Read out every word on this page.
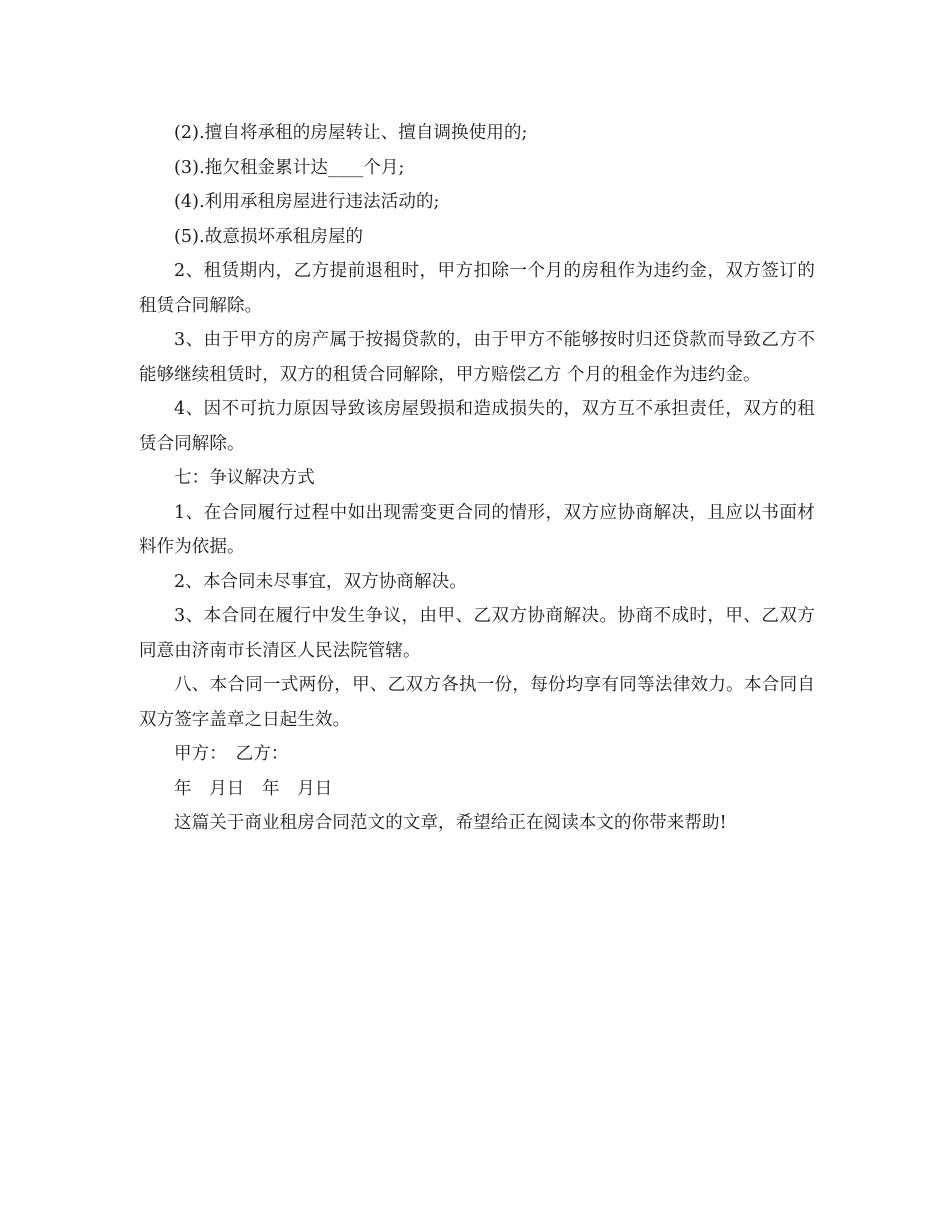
(2).擅自将承租的房屋转让、擅自调换使用的;

(3).拖欠租金累计达____个月;

(4).利用承租房屋进行违法活动的;

(5).故意损坏承租房屋的

2、租赁期内，乙方提前退租时，甲方扣除一个月的房租作为违约金，双方签订的租赁合同解除。

3、由于甲方的房产属于按揭贷款的，由于甲方不能够按时归还贷款而导致乙方不能够继续租赁时，双方的租赁合同解除，甲方赔偿乙方 个月的租金作为违约金。

4、因不可抗力原因导致该房屋毁损和造成损失的，双方互不承担责任，双方的租赁合同解除。

七：争议解决方式

1、在合同履行过程中如出现需变更合同的情形，双方应协商解决，且应以书面材料作为依据。

2、本合同未尽事宜，双方协商解决。

3、本合同在履行中发生争议，由甲、乙双方协商解决。协商不成时，甲、乙双方同意由济南市长清区人民法院管辖。

八、本合同一式两份，甲、乙双方各执一份，每份均享有同等法律效力。本合同自双方签字盖章之日起生效。

甲方：　乙方：

年　月日　年　月日

这篇关于商业租房合同范文的文章，希望给正在阅读本文的你带来帮助!
